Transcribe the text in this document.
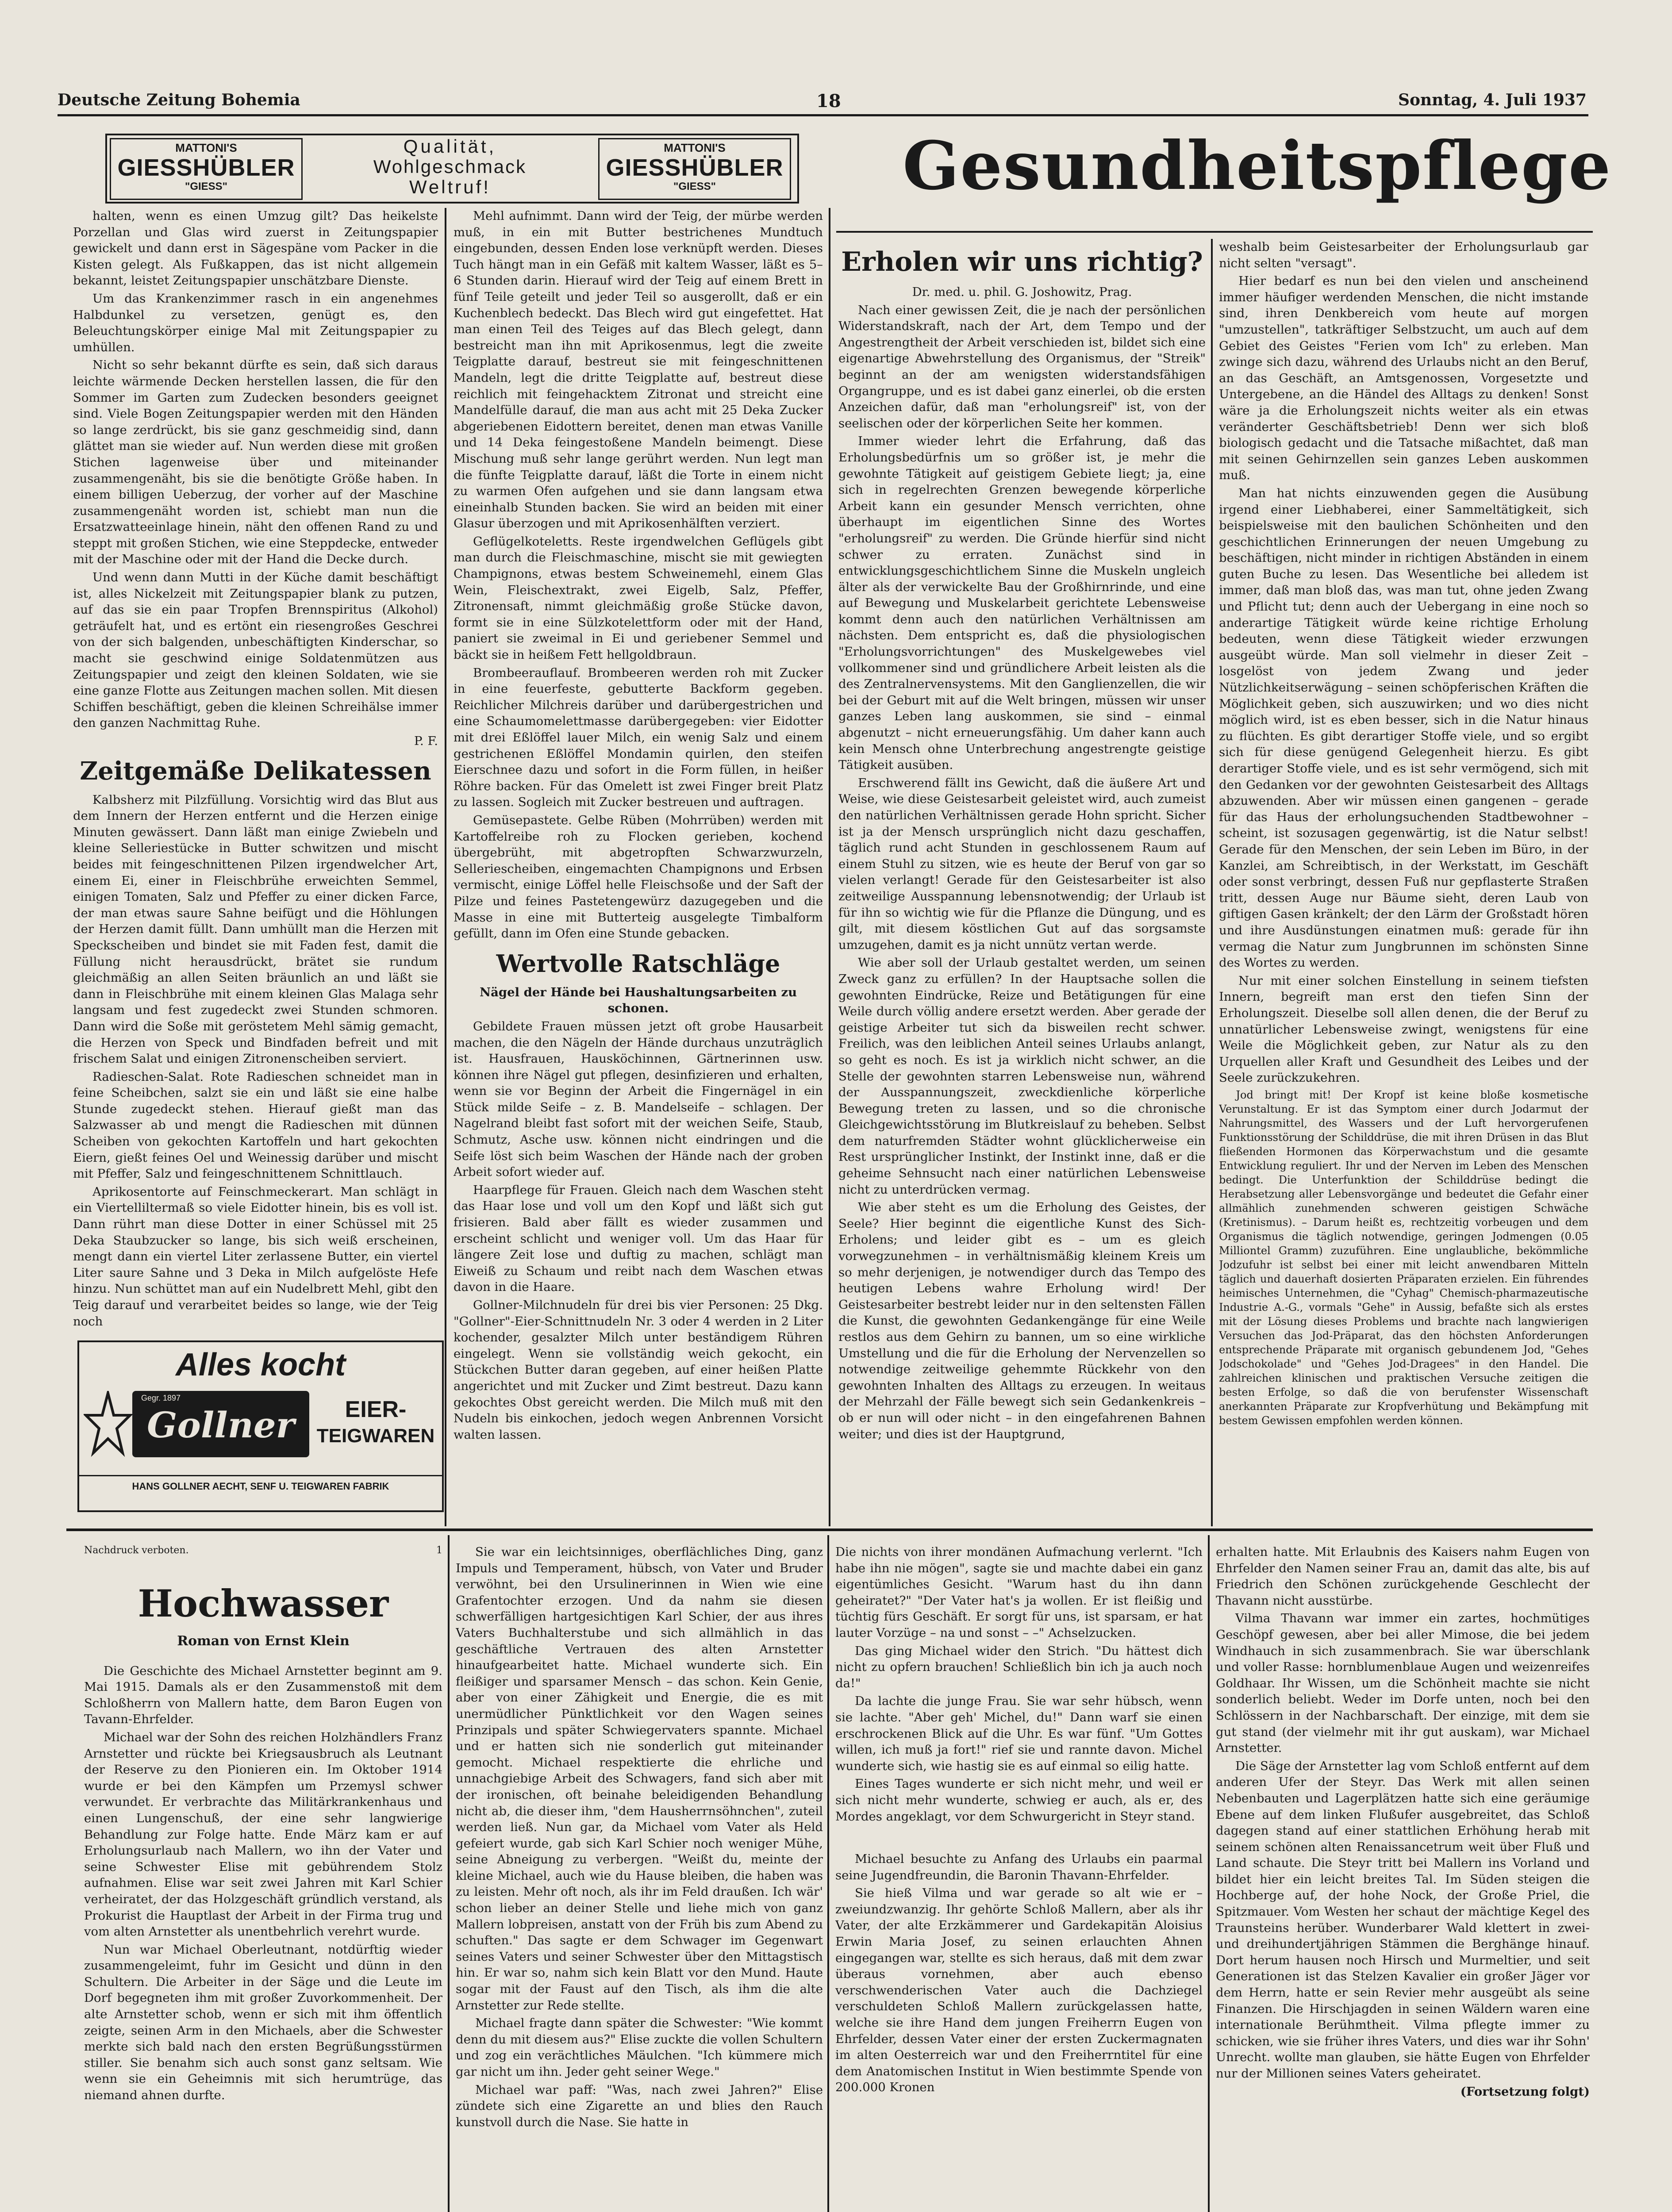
Deutsche Zeitung Bohemia	18	Sonntag, 4. Juli 1937
MATTONI'S
GIESSHÜBLER
"GIESS"
Qualität,
Wohlgeschmack
Weltruf!
MATTONI'S
GIESSHÜBLER
"GIESS"	Gesundheitspflege

halten, wenn es einen Umzug gilt? Das heikelste Porzellan und Glas wird zuerst in Zeitungspapier gewickelt und dann erst in Sägespäne vom Packer in die Kisten gelegt. Als Fußkappen, das ist nicht allgemein bekannt, leistet Zeitungspapier unschätzbare Dienste.

Um das Krankenzimmer rasch in ein angenehmes Halbdunkel zu versetzen, genügt es, den Beleuchtungskörper einige Mal mit Zeitungspapier zu umhüllen.

Nicht so sehr bekannt dürfte es sein, daß sich daraus leichte wärmende Decken herstellen lassen, die für den Sommer im Garten zum Zudecken besonders geeignet sind. Viele Bogen Zeitungspapier werden mit den Händen so lange zerdrückt, bis sie ganz geschmeidig sind, dann glättet man sie wieder auf. Nun werden diese mit großen Stichen lagenweise über und miteinander zusammengenäht, bis sie die benötigte Größe haben. In einem billigen Ueberzug, der vorher auf der Maschine zusammengenäht worden ist, schiebt man nun die Ersatzwatteeinlage hinein, näht den offenen Rand zu und steppt mit großen Stichen, wie eine Steppdecke, entweder mit der Maschine oder mit der Hand die Decke durch.

Und wenn dann Mutti in der Küche damit beschäftigt ist, alles Nickelzeit mit Zeitungspapier blank zu putzen, auf das sie ein paar Tropfen Brennspiritus (Alkohol) geträufelt hat, und es ertönt ein riesengroßes Geschrei von der sich balgenden, unbeschäftigten Kinderschar, so macht sie geschwind einige Soldatenmützen aus Zeitungspapier und zeigt den kleinen Soldaten, wie sie eine ganze Flotte aus Zeitungen machen sollen. Mit diesen Schiffen beschäftigt, geben die kleinen Schreihälse immer den ganzen Nachmittag Ruhe.

P. F.

Zeitgemäße Delikatessen

Kalbsherz mit Pilzfüllung. Vorsichtig wird das Blut aus dem Innern der Herzen entfernt und die Herzen einige Minuten gewässert. Dann läßt man einige Zwiebeln und kleine Selleriestücke in Butter schwitzen und mischt beides mit feingeschnittenen Pilzen irgendwelcher Art, einem Ei, einer in Fleischbrühe erweichten Semmel, einigen Tomaten, Salz und Pfeffer zu einer dicken Farce, der man etwas saure Sahne beifügt und die Höhlungen der Herzen damit füllt. Dann umhüllt man die Herzen mit Speckscheiben und bindet sie mit Faden fest, damit die Füllung nicht herausdrückt, brätet sie rundum gleichmäßig an allen Seiten bräunlich an und läßt sie dann in Fleischbrühe mit einem kleinen Glas Malaga sehr langsam und fest zugedeckt zwei Stunden schmoren. Dann wird die Soße mit geröstetem Mehl sämig gemacht, die Herzen von Speck und Bindfaden befreit und mit frischem Salat und einigen Zitronenscheiben serviert.

Radieschen-Salat. Rote Radieschen schneidet man in feine Scheibchen, salzt sie ein und läßt sie eine halbe Stunde zugedeckt stehen. Hierauf gießt man das Salzwasser ab und mengt die Radieschen mit dünnen Scheiben von gekochten Kartoffeln und hart gekochten Eiern, gießt feines Oel und Weinessig darüber und mischt mit Pfeffer, Salz und feingeschnittenem Schnittlauch.

Aprikosentorte auf Feinschmeckerart. Man schlägt in ein Viertelliltermaß so viele Eidotter hinein, bis es voll ist. Dann rührt man diese Dotter in einer Schüssel mit 25 Deka Staubzucker so lange, bis sich weiß erscheinen, mengt dann ein viertel Liter zerlassene Butter, ein viertel Liter saure Sahne und 3 Deka in Milch aufgelöste Hefe hinzu. Nun schüttet man auf ein Nudelbrett Mehl, gibt den Teig darauf und verarbeitet beides so lange, wie der Teig noch

Alles kocht
Gegr. 1897
Gollner	EIER-
TEIGWAREN
HANS GOLLNER AECHT, SENF U. TEIGWAREN FABRIK

Mehl aufnimmt. Dann wird der Teig, der mürbe werden muß, in ein mit Butter bestrichenes Mundtuch eingebunden, dessen Enden lose verknüpft werden. Dieses Tuch hängt man in ein Gefäß mit kaltem Wasser, läßt es 5–6 Stunden darin. Hierauf wird der Teig auf einem Brett in fünf Teile geteilt und jeder Teil so ausgerollt, daß er ein Kuchenblech bedeckt. Das Blech wird gut eingefettet. Hat man einen Teil des Teiges auf das Blech gelegt, dann bestreicht man ihn mit Aprikosenmus, legt die zweite Teigplatte darauf, bestreut sie mit feingeschnittenen Mandeln, legt die dritte Teigplatte auf, bestreut diese reichlich mit feingehacktem Zitronat und streicht eine Mandelfülle darauf, die man aus acht mit 25 Deka Zucker abgeriebenen Eidottern bereitet, denen man etwas Vanille und 14 Deka feingestoßene Mandeln beimengt. Diese Mischung muß sehr lange gerührt werden. Nun legt man die fünfte Teigplatte darauf, läßt die Torte in einem nicht zu warmen Ofen aufgehen und sie dann langsam etwa eineinhalb Stunden backen. Sie wird an beiden mit einer Glasur überzogen und mit Aprikosenhälften verziert.

Geflügelkoteletts. Reste irgendwelchen Geflügels gibt man durch die Fleischmaschine, mischt sie mit gewiegten Champignons, etwas bestem Schweinemehl, einem Glas Wein, Fleischextrakt, zwei Eigelb, Salz, Pfeffer, Zitronensaft, nimmt gleichmäßig große Stücke davon, formt sie in eine Sülzkotelettform oder mit der Hand, paniert sie zweimal in Ei und geriebener Semmel und bäckt sie in heißem Fett hellgoldbraun.

Brombeerauflauf. Brombeeren werden roh mit Zucker in eine feuerfeste, gebutterte Backform gegeben. Reichlicher Milchreis darüber und darübergestrichen und eine Schaumomelettmasse darübergegeben: vier Eidotter mit drei Eßlöffel lauer Milch, ein wenig Salz und einem gestrichenen Eßlöffel Mondamin quirlen, den steifen Eierschnee dazu und sofort in die Form füllen, in heißer Röhre backen. Für das Omelett ist zwei Finger breit Platz zu lassen. Sogleich mit Zucker bestreuen und auftragen.

Gemüsepastete. Gelbe Rüben (Mohrrüben) werden mit Kartoffelreibe roh zu Flocken gerieben, kochend übergebrüht, mit abgetropften Schwarzwurzeln, Selleriescheiben, eingemachten Champignons und Erbsen vermischt, einige Löffel helle Fleischsoße und der Saft der Pilze und feines Pastetengewürz dazugegeben und die Masse in eine mit Butterteig ausgelegte Timbalform gefüllt, dann im Ofen eine Stunde gebacken.

Wertvolle Ratschläge

Nägel der Hände bei Haushaltungsarbeiten zu schonen.

Gebildete Frauen müssen jetzt oft grobe Hausarbeit machen, die den Nägeln der Hände durchaus unzuträglich ist. Hausfrauen, Hausköchinnen, Gärtnerinnen usw. können ihre Nägel gut pflegen, desinfizieren und erhalten, wenn sie vor Beginn der Arbeit die Fingernägel in ein Stück milde Seife – z. B. Mandelseife – schlagen. Der Nagelrand bleibt fast sofort mit der weichen Seife, Staub, Schmutz, Asche usw. können nicht eindringen und die Seife löst sich beim Waschen der Hände nach der groben Arbeit sofort wieder auf.

Haarpflege für Frauen. Gleich nach dem Waschen steht das Haar lose und voll um den Kopf und läßt sich gut frisieren. Bald aber fällt es wieder zusammen und erscheint schlicht und weniger voll. Um das Haar für längere Zeit lose und duftig zu machen, schlägt man Eiweiß zu Schaum und reibt nach dem Waschen etwas davon in die Haare.

Gollner-Milchnudeln für drei bis vier Personen: 25 Dkg. "Gollner"-Eier-Schnittnudeln Nr. 3 oder 4 werden in 2 Liter kochender, gesalzter Milch unter beständigem Rühren eingelegt. Wenn sie vollständig weich gekocht, ein Stückchen Butter daran gegeben, auf einer heißen Platte angerichtet und mit Zucker und Zimt bestreut. Dazu kann gekochtes Obst gereicht werden. Die Milch muß mit den Nudeln bis einkochen, jedoch wegen Anbrennen Vorsicht walten lassen.

Erholen wir uns richtig?

Dr. med. u. phil. G. Joshowitz, Prag.

Nach einer gewissen Zeit, die je nach der persönlichen Widerstandskraft, nach der Art, dem Tempo und der Angestrengtheit der Arbeit verschieden ist, bildet sich eine eigenartige Abwehrstellung des Organismus, der "Streik" beginnt an der am wenigsten widerstandsfähigen Organgruppe, und es ist dabei ganz einerlei, ob die ersten Anzeichen dafür, daß man "erholungsreif" ist, von der seelischen oder der körperlichen Seite her kommen.

Immer wieder lehrt die Erfahrung, daß das Erholungsbedürfnis um so größer ist, je mehr die gewohnte Tätigkeit auf geistigem Gebiete liegt; ja, eine sich in regelrechten Grenzen bewegende körperliche Arbeit kann ein gesunder Mensch verrichten, ohne überhaupt im eigentlichen Sinne des Wortes "erholungsreif" zu werden. Die Gründe hierfür sind nicht schwer zu erraten. Zunächst sind in entwicklungsgeschichtlichem Sinne die Muskeln ungleich älter als der verwickelte Bau der Großhirnrinde, und eine auf Bewegung und Muskelarbeit gerichtete Lebensweise kommt denn auch den natürlichen Verhältnissen am nächsten. Dem entspricht es, daß die physiologischen "Erholungsvorrichtungen" des Muskelgewebes viel vollkommener sind und gründlichere Arbeit leisten als die des Zentralnervensystems. Mit den Ganglienzellen, die wir bei der Geburt mit auf die Welt bringen, müssen wir unser ganzes Leben lang auskommen, sie sind – einmal abgenutzt – nicht erneuerungsfähig. Um daher kann auch kein Mensch ohne Unterbrechung angestrengte geistige Tätigkeit ausüben.

Erschwerend fällt ins Gewicht, daß die äußere Art und Weise, wie diese Geistesarbeit geleistet wird, auch zumeist den natürlichen Verhältnissen gerade Hohn spricht. Sicher ist ja der Mensch ursprünglich nicht dazu geschaffen, täglich rund acht Stunden in geschlossenem Raum auf einem Stuhl zu sitzen, wie es heute der Beruf von gar so vielen verlangt! Gerade für den Geistesarbeiter ist also zeitweilige Ausspannung lebensnotwendig; der Urlaub ist für ihn so wichtig wie für die Pflanze die Düngung, und es gilt, mit diesem köstlichen Gut auf das sorgsamste umzugehen, damit es ja nicht unnütz vertan werde.

Wie aber soll der Urlaub gestaltet werden, um seinen Zweck ganz zu erfüllen? In der Hauptsache sollen die gewohnten Eindrücke, Reize und Betätigungen für eine Weile durch völlig andere ersetzt werden. Aber gerade der geistige Arbeiter tut sich da bisweilen recht schwer. Freilich, was den leiblichen Anteil seines Urlaubs anlangt, so geht es noch. Es ist ja wirklich nicht schwer, an die Stelle der gewohnten starren Lebensweise nun, während der Ausspannungszeit, zweckdienliche körperliche Bewegung treten zu lassen, und so die chronische Gleichgewichtsstörung im Blutkreislauf zu beheben. Selbst dem naturfremden Städter wohnt glücklicherweise ein Rest ursprünglicher Instinkt, der Instinkt inne, daß er die geheime Sehnsucht nach einer natürlichen Lebensweise nicht zu unterdrücken vermag.

Wie aber steht es um die Erholung des Geistes, der Seele? Hier beginnt die eigentliche Kunst des Sich-Erholens; und leider gibt es – um es gleich vorwegzunehmen – in verhältnismäßig kleinem Kreis um so mehr derjenigen, je notwendiger durch das Tempo des heutigen Lebens wahre Erholung wird! Der Geistesarbeiter bestrebt leider nur in den seltensten Fällen die Kunst, die gewohnten Gedankengänge für eine Weile restlos aus dem Gehirn zu bannen, um so eine wirkliche Umstellung und die für die Erholung der Nervenzellen so notwendige zeitweilige gehemmte Rückkehr von den gewohnten Inhalten des Alltags zu erzeugen. In weitaus der Mehrzahl der Fälle bewegt sich sein Gedankenkreis – ob er nun will oder nicht – in den eingefahrenen Bahnen weiter; und dies ist der Hauptgrund,

weshalb beim Geistesarbeiter der Erholungsurlaub gar nicht selten "versagt".

Hier bedarf es nun bei den vielen und anscheinend immer häufiger werdenden Menschen, die nicht imstande sind, ihren Denkbereich vom heute auf morgen "umzustellen", tatkräftiger Selbstzucht, um auch auf dem Gebiet des Geistes "Ferien vom Ich" zu erleben. Man zwinge sich dazu, während des Urlaubs nicht an den Beruf, an das Geschäft, an Amtsgenossen, Vorgesetzte und Untergebene, an die Händel des Alltags zu denken! Sonst wäre ja die Erholungszeit nichts weiter als ein etwas veränderter Geschäftsbetrieb! Denn wer sich bloß biologisch gedacht und die Tatsache mißachtet, daß man mit seinen Gehirnzellen sein ganzes Leben auskommen muß.

Man hat nichts einzuwenden gegen die Ausübung irgend einer Liebhaberei, einer Sammeltätigkeit, sich beispielsweise mit den baulichen Schönheiten und den geschichtlichen Erinnerungen der neuen Umgebung zu beschäftigen, nicht minder in richtigen Abständen in einem guten Buche zu lesen. Das Wesentliche bei alledem ist immer, daß man bloß das, was man tut, ohne jeden Zwang und Pflicht tut; denn auch der Uebergang in eine noch so anderartige Tätigkeit würde keine richtige Erholung bedeuten, wenn diese Tätigkeit wieder erzwungen ausgeübt würde. Man soll vielmehr in dieser Zeit – losgelöst von jedem Zwang und jeder Nützlichkeitserwägung – seinen schöpferischen Kräften die Möglichkeit geben, sich auszuwirken; und wo dies nicht möglich wird, ist es eben besser, sich in die Natur hinaus zu flüchten. Es gibt derartiger Stoffe viele, und so ergibt sich für diese genügend Gelegenheit hierzu. Es gibt derartiger Stoffe viele, und es ist sehr vermögend, sich mit den Gedanken vor der gewohnten Geistesarbeit des Alltags abzuwenden. Aber wir müssen einen gangenen – gerade für das Haus der erholungsuchenden Stadtbewohner – scheint, ist sozusagen gegenwärtig, ist die Natur selbst! Gerade für den Menschen, der sein Leben im Büro, in der Kanzlei, am Schreibtisch, in der Werkstatt, im Geschäft oder sonst verbringt, dessen Fuß nur gepflasterte Straßen tritt, dessen Auge nur Bäume sieht, deren Laub von giftigen Gasen kränkelt; der den Lärm der Großstadt hören und ihre Ausdünstungen einatmen muß: gerade für ihn vermag die Natur zum Jungbrunnen im schönsten Sinne des Wortes zu werden.

Nur mit einer solchen Einstellung in seinem tiefsten Innern, begreift man erst den tiefen Sinn der Erholungszeit. Dieselbe soll allen denen, die der Beruf zu unnatürlicher Lebensweise zwingt, wenigstens für eine Weile die Möglichkeit geben, zur Natur als zu den Urquellen aller Kraft und Gesundheit des Leibes und der Seele zurückzukehren.

Jod bringt mit! Der Kropf ist keine bloße kosmetische Verunstaltung. Er ist das Symptom einer durch Jodarmut der Nahrungsmittel, des Wassers und der Luft hervorgerufenen Funktionsstörung der Schilddrüse, die mit ihren Drüsen in das Blut fließenden Hormonen das Körperwachstum und die gesamte Entwicklung reguliert. Ihr und der Nerven im Leben des Menschen bedingt. Die Unterfunktion der Schilddrüse bedingt die Herabsetzung aller Lebensvorgänge und bedeutet die Gefahr einer allmählich zunehmenden schweren geistigen Schwäche (Kretinismus). – Darum heißt es, rechtzeitig vorbeugen und dem Organismus die täglich notwendige, geringen Jodmengen (0.05 Milliontel Gramm) zuzuführen. Eine unglaubliche, bekömmliche Jodzufuhr ist selbst bei einer mit leicht anwendbaren Mitteln täglich und dauerhaft dosierten Präparaten erzielen. Ein führendes heimisches Unternehmen, die "Cyhag" Chemisch-pharmazeutische Industrie A.-G., vormals "Gehe" in Aussig, befaßte sich als erstes mit der Lösung dieses Problems und brachte nach langwierigen Versuchen das Jod-Präparat, das den höchsten Anforderungen entsprechende Präparate mit organisch gebundenem Jod, "Gehes Jodschokolade" und "Gehes Jod-Dragees" in den Handel. Die zahlreichen klinischen und praktischen Versuche zeitigen die besten Erfolge, so daß die von berufenster Wissenschaft anerkannten Präparate zur Kropfverhütung und Bekämpfung mit bestem Gewissen empfohlen werden können.

Nachdruck verboten.	1
Hochwasser

Roman von Ernst Klein

Die Geschichte des Michael Arnstetter beginnt am 9. Mai 1915. Damals als er den Zusammenstoß mit dem Schloßherrn von Mallern hatte, dem Baron Eugen von Tavann-Ehrfelder.

Michael war der Sohn des reichen Holzhändlers Franz Arnstetter und rückte bei Kriegsausbruch als Leutnant der Reserve zu den Pionieren ein. Im Oktober 1914 wurde er bei den Kämpfen um Przemysl schwer verwundet. Er verbrachte das Militärkrankenhaus und einen Lungenschuß, der eine sehr langwierige Behandlung zur Folge hatte. Ende März kam er auf Erholungsurlaub nach Mallern, wo ihn der Vater und seine Schwester Elise mit gebührendem Stolz aufnahmen. Elise war seit zwei Jahren mit Karl Schier verheiratet, der das Holzgeschäft gründlich verstand, als Prokurist die Hauptlast der Arbeit in der Firma trug und vom alten Arnstetter als unentbehrlich verehrt wurde.

Nun war Michael Oberleutnant, notdürftig wieder zusammengeleimt, fuhr im Gesicht und dünn in den Schultern. Die Arbeiter in der Säge und die Leute im Dorf begegneten ihm mit großer Zuvorkommenheit. Der alte Arnstetter schob, wenn er sich mit ihm öffentlich zeigte, seinen Arm in den Michaels, aber die Schwester merkte sich bald nach den ersten Begrüßungsstürmen stiller. Sie benahm sich auch sonst ganz seltsam. Wie wenn sie ein Geheimnis mit sich herumtrüge, das niemand ahnen durfte.

Sie war ein leichtsinniges, oberflächliches Ding, ganz Impuls und Temperament, hübsch, von Vater und Bruder verwöhnt, bei den Ursulinerinnen in Wien wie eine Grafentochter erzogen. Und da nahm sie diesen schwerfälligen hartgesichtigen Karl Schier, der aus ihres Vaters Buchhalterstube und sich allmählich in das geschäftliche Vertrauen des alten Arnstetter hinaufgearbeitet hatte. Michael wunderte sich. Ein fleißiger und sparsamer Mensch – das schon. Kein Genie, aber von einer Zähigkeit und Energie, die es mit unermüdlicher Pünktlichkeit vor den Wagen seines Prinzipals und später Schwiegervaters spannte. Michael und er hatten sich nie sonderlich gut miteinander gemocht. Michael respektierte die ehrliche und unnachgiebige Arbeit des Schwagers, fand sich aber mit der ironischen, oft beinahe beleidigenden Behandlung nicht ab, die dieser ihm, "dem Hausherrnsöhnchen", zuteil werden ließ. Nun gar, da Michael vom Vater als Held gefeiert wurde, gab sich Karl Schier noch weniger Mühe, seine Abneigung zu verbergen. "Weißt du, meinte der kleine Michael, auch wie du Hause bleiben, die haben was zu leisten. Mehr oft noch, als ihr im Feld draußen. Ich wär' schon lieber an deiner Stelle und liehe mich von ganz Mallern lobpreisen, anstatt von der Früh bis zum Abend zu schuften." Das sagte er dem Schwager im Gegenwart seines Vaters und seiner Schwester über den Mittagstisch hin. Er war so, nahm sich kein Blatt vor den Mund. Haute sogar mit der Faust auf den Tisch, als ihm die alte Arnstetter zur Rede stellte.

Michael fragte dann später die Schwester: "Wie kommt denn du mit diesem aus?" Elise zuckte die vollen Schultern und zog ein verächtliches Mäulchen. "Ich kümmere mich gar nicht um ihn. Jeder geht seiner Wege."

Michael war paff: "Was, nach zwei Jahren?" Elise zündete sich eine Zigarette an und blies den Rauch kunstvoll durch die Nase. Sie hatte in

Die nichts von ihrer mondänen Aufmachung verlernt. "Ich habe ihn nie mögen", sagte sie und machte dabei ein ganz eigentümliches Gesicht. "Warum hast du ihn dann geheiratet?" "Der Vater hat's ja wollen. Er ist fleißig und tüchtig fürs Geschäft. Er sorgt für uns, ist sparsam, er hat lauter Vorzüge – na und sonst – –" Achselzucken.

Das ging Michael wider den Strich. "Du hättest dich nicht zu opfern brauchen! Schließlich bin ich ja auch noch da!"

Da lachte die junge Frau. Sie war sehr hübsch, wenn sie lachte. "Aber geh' Michel, du!" Dann warf sie einen erschrockenen Blick auf die Uhr. Es war fünf. "Um Gottes willen, ich muß ja fort!" rief sie und rannte davon. Michel wunderte sich, wie hastig sie es auf einmal so eilig hatte.

Eines Tages wunderte er sich nicht mehr, und weil er sich nicht mehr wunderte, schwieg er auch, als er, des Mordes angeklagt, vor dem Schwurgericht in Steyr stand.

Michael besuchte zu Anfang des Urlaubs ein paarmal seine Jugendfreundin, die Baronin Thavann-Ehrfelder.

Sie hieß Vilma und war gerade so alt wie er – zweiundzwanzig. Ihr gehörte Schloß Mallern, aber als ihr Vater, der alte Erzkämmerer und Gardekapitän Aloisius Erwin Maria Josef, zu seinen erlauchten Ahnen eingegangen war, stellte es sich heraus, daß mit dem zwar überaus vornehmen, aber auch ebenso verschwenderischen Vater auch die Dachziegel verschuldeten Schloß Mallern zurückgelassen hatte, welche sie ihre Hand dem jungen Freiherrn Eugen von Ehrfelder, dessen Vater einer der ersten Zuckermagnaten im alten Oesterreich war und den Freiherrntitel für eine dem Anatomischen Institut in Wien bestimmte Spende von 200.000 Kronen

erhalten hatte. Mit Erlaubnis des Kaisers nahm Eugen von Ehrfelder den Namen seiner Frau an, damit das alte, bis auf Friedrich den Schönen zurückgehende Geschlecht der Thavann nicht ausstürbe.

Vilma Thavann war immer ein zartes, hochmütiges Geschöpf gewesen, aber bei aller Mimose, die bei jedem Windhauch in sich zusammenbrach. Sie war überschlank und voller Rasse: hornblumenblaue Augen und weizenreifes Goldhaar. Ihr Wissen, um die Schönheit machte sie nicht sonderlich beliebt. Weder im Dorfe unten, noch bei den Schlössern in der Nachbarschaft. Der einzige, mit dem sie gut stand (der vielmehr mit ihr gut auskam), war Michael Arnstetter.

Die Säge der Arnstetter lag vom Schloß entfernt auf dem anderen Ufer der Steyr. Das Werk mit allen seinen Nebenbauten und Lagerplätzen hatte sich eine geräumige Ebene auf dem linken Flußufer ausgebreitet, das Schloß dagegen stand auf einer stattlichen Erhöhung herab mit seinem schönen alten Renaissancetrum weit über Fluß und Land schaute. Die Steyr tritt bei Mallern ins Vorland und bildet hier ein leicht breites Tal. Im Süden steigen die Hochberge auf, der hohe Nock, der Große Priel, die Spitzmauer. Vom Westen her schaut der mächtige Kegel des Traunsteins herüber. Wunderbarer Wald klettert in zwei- und dreihundertjährigen Stämmen die Berghänge hinauf. Dort herum hausen noch Hirsch und Murmeltier, und seit Generationen ist das Stelzen Kavalier ein großer Jäger vor dem Herrn, hatte er sein Revier mehr ausgeübt als seine Finanzen. Die Hirschjagden in seinen Wäldern waren eine internationale Berühmtheit. Vilma pflegte immer zu schicken, wie sie früher ihres Vaters, und dies war ihr Sohn' Unrecht. wollte man glauben, sie hätte Eugen von Ehrfelder nur der Millionen seines Vaters geheiratet.

(Fortsetzung folgt)
